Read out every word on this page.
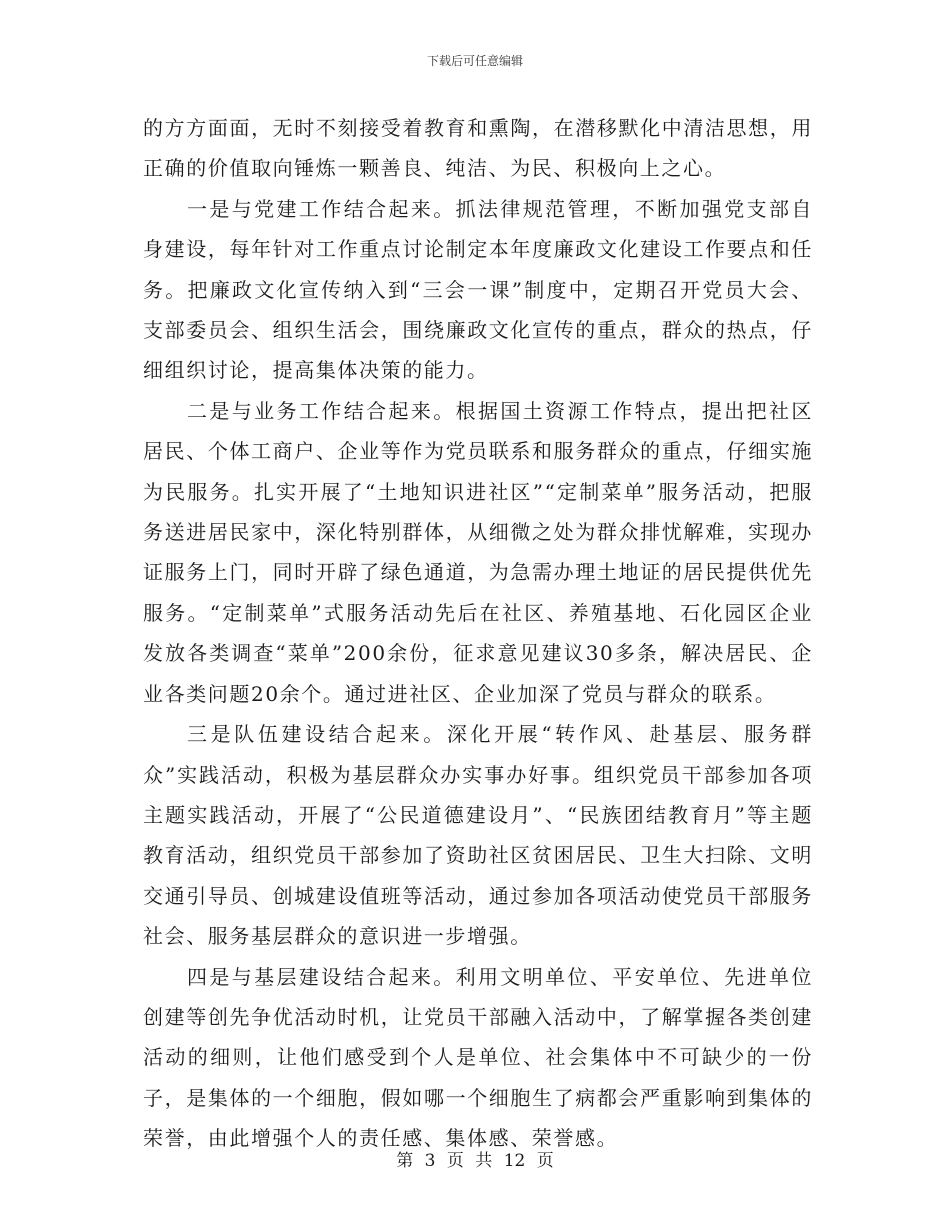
下载后可任意编辑

的方方面面，无时不刻接受着教育和熏陶，在潜移默化中清洁思想，用正确的价值取向锤炼一颗善良、纯洁、为民、积极向上之心。

一是与党建工作结合起来。抓法律规范管理，不断加强党支部自身建设，每年针对工作重点讨论制定本年度廉政文化建设工作要点和任务。把廉政文化宣传纳入到“三会一课”制度中，定期召开党员大会、支部委员会、组织生活会，围绕廉政文化宣传的重点，群众的热点，仔细组织讨论，提高集体决策的能力。

二是与业务工作结合起来。根据国土资源工作特点，提出把社区居民、个体工商户、企业等作为党员联系和服务群众的重点，仔细实施为民服务。扎实开展了“土地知识进社区”“定制菜单”服务活动，把服务送进居民家中，深化特别群体，从细微之处为群众排忧解难，实现办证服务上门，同时开辟了绿色通道，为急需办理土地证的居民提供优先服务。“定制菜单”式服务活动先后在社区、养殖基地、石化园区企业发放各类调查“菜单”200余份，征求意见建议30多条，解决居民、企业各类问题20余个。通过进社区、企业加深了党员与群众的联系。

三是队伍建设结合起来。深化开展“转作风、赴基层、服务群众”实践活动，积极为基层群众办实事办好事。组织党员干部参加各项主题实践活动，开展了“公民道德建设月”、“民族团结教育月”等主题教育活动，组织党员干部参加了资助社区贫困居民、卫生大扫除、文明交通引导员、创城建设值班等活动，通过参加各项活动使党员干部服务社会、服务基层群众的意识进一步增强。

四是与基层建设结合起来。利用文明单位、平安单位、先进单位创建等创先争优活动时机，让党员干部融入活动中，了解掌握各类创建活动的细则，让他们感受到个人是单位、社会集体中不可缺少的一份子，是集体的一个细胞，假如哪一个细胞生了病都会严重影响到集体的荣誉，由此增强个人的责任感、集体感、荣誉感。

第 3 页 共 12 页
